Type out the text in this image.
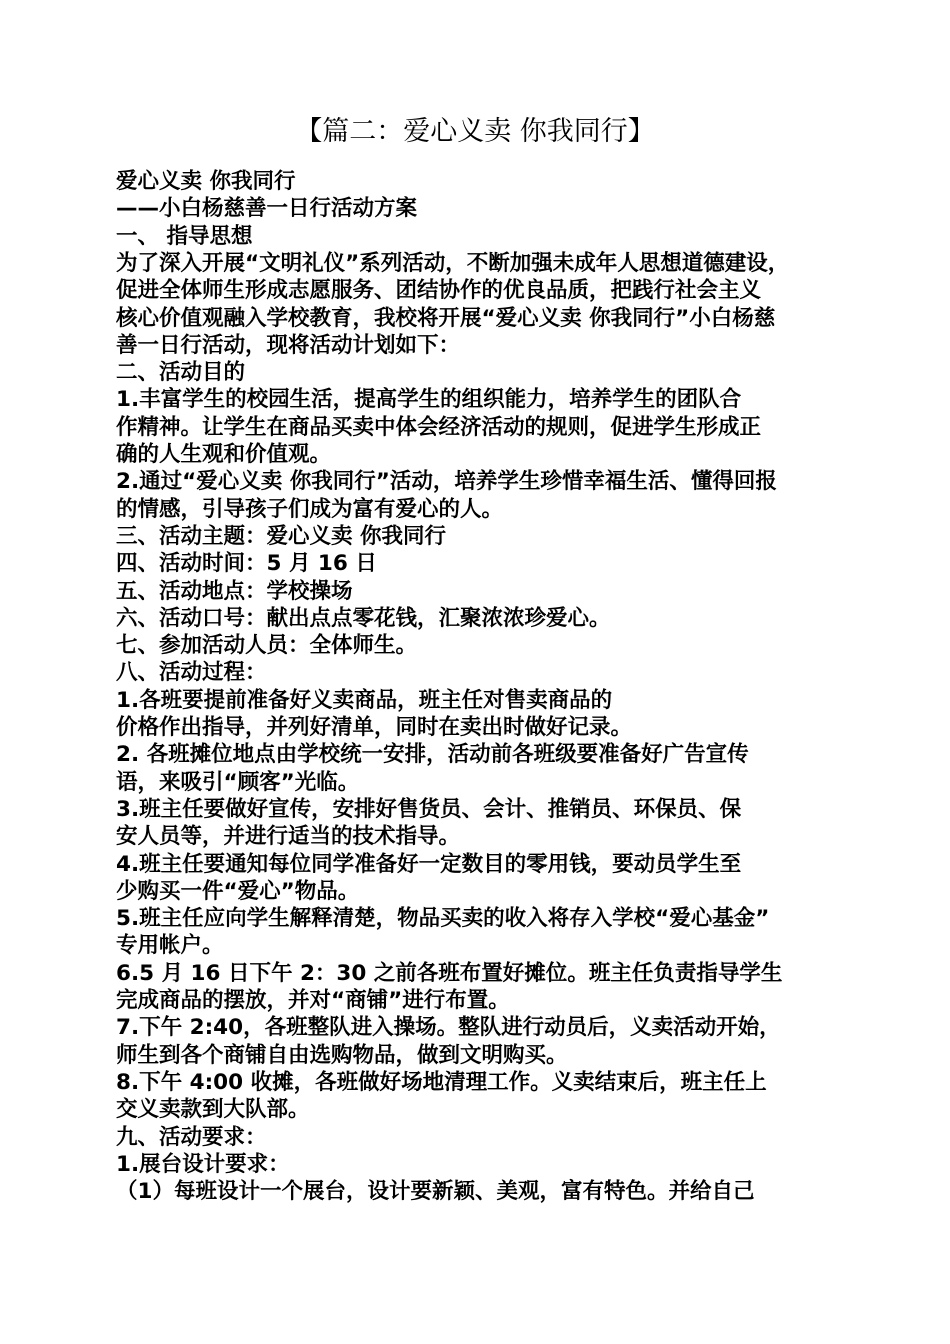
【篇二：爱心义卖 你我同行】
爱心义卖 你我同行
——小白杨慈善一日行活动方案
一、 指导思想
为了深入开展“文明礼仪”系列活动，不断加强未成年人思想道德建设，
促进全体师生形成志愿服务、团结协作的优良品质，把践行社会主义
核心价值观融入学校教育，我校将开展“爱心义卖 你我同行”小白杨慈
善一日行活动，现将活动计划如下：
二、活动目的
1.丰富学生的校园生活，提高学生的组织能力，培养学生的团队合
作精神。让学生在商品买卖中体会经济活动的规则，促进学生形成正
确的人生观和价值观。
2.通过“爱心义卖 你我同行”活动，培养学生珍惜幸福生活、懂得回报
的情感，引导孩子们成为富有爱心的人。
三、活动主题：爱心义卖 你我同行
四、活动时间：5 月 16 日
五、活动地点：学校操场
六、活动口号：献出点点零花钱，汇聚浓浓珍爱心。
七、参加活动人员：全体师生。
八、活动过程：
1.各班要提前准备好义卖商品，班主任对售卖商品的
价格作出指导，并列好清单，同时在卖出时做好记录。
2. 各班摊位地点由学校统一安排，活动前各班级要准备好广告宣传
语，来吸引“顾客”光临。
3.班主任要做好宣传，安排好售货员、会计、推销员、环保员、保
安人员等，并进行适当的技术指导。
4.班主任要通知每位同学准备好一定数目的零用钱，要动员学生至
少购买一件“爱心”物品。
5.班主任应向学生解释清楚，物品买卖的收入将存入学校“爱心基金”
专用帐户。
6.5 月 16 日下午 2：30 之前各班布置好摊位。班主任负责指导学生
完成商品的摆放，并对“商铺”进行布置。
7.下午 2:40，各班整队进入操场。整队进行动员后，义卖活动开始，
师生到各个商铺自由选购物品，做到文明购买。
8.下午 4:00 收摊，各班做好场地清理工作。义卖结束后，班主任上
交义卖款到大队部。
九、活动要求：
1.展台设计要求：
（1）每班设计一个展台，设计要新颖、美观，富有特色。并给自己
